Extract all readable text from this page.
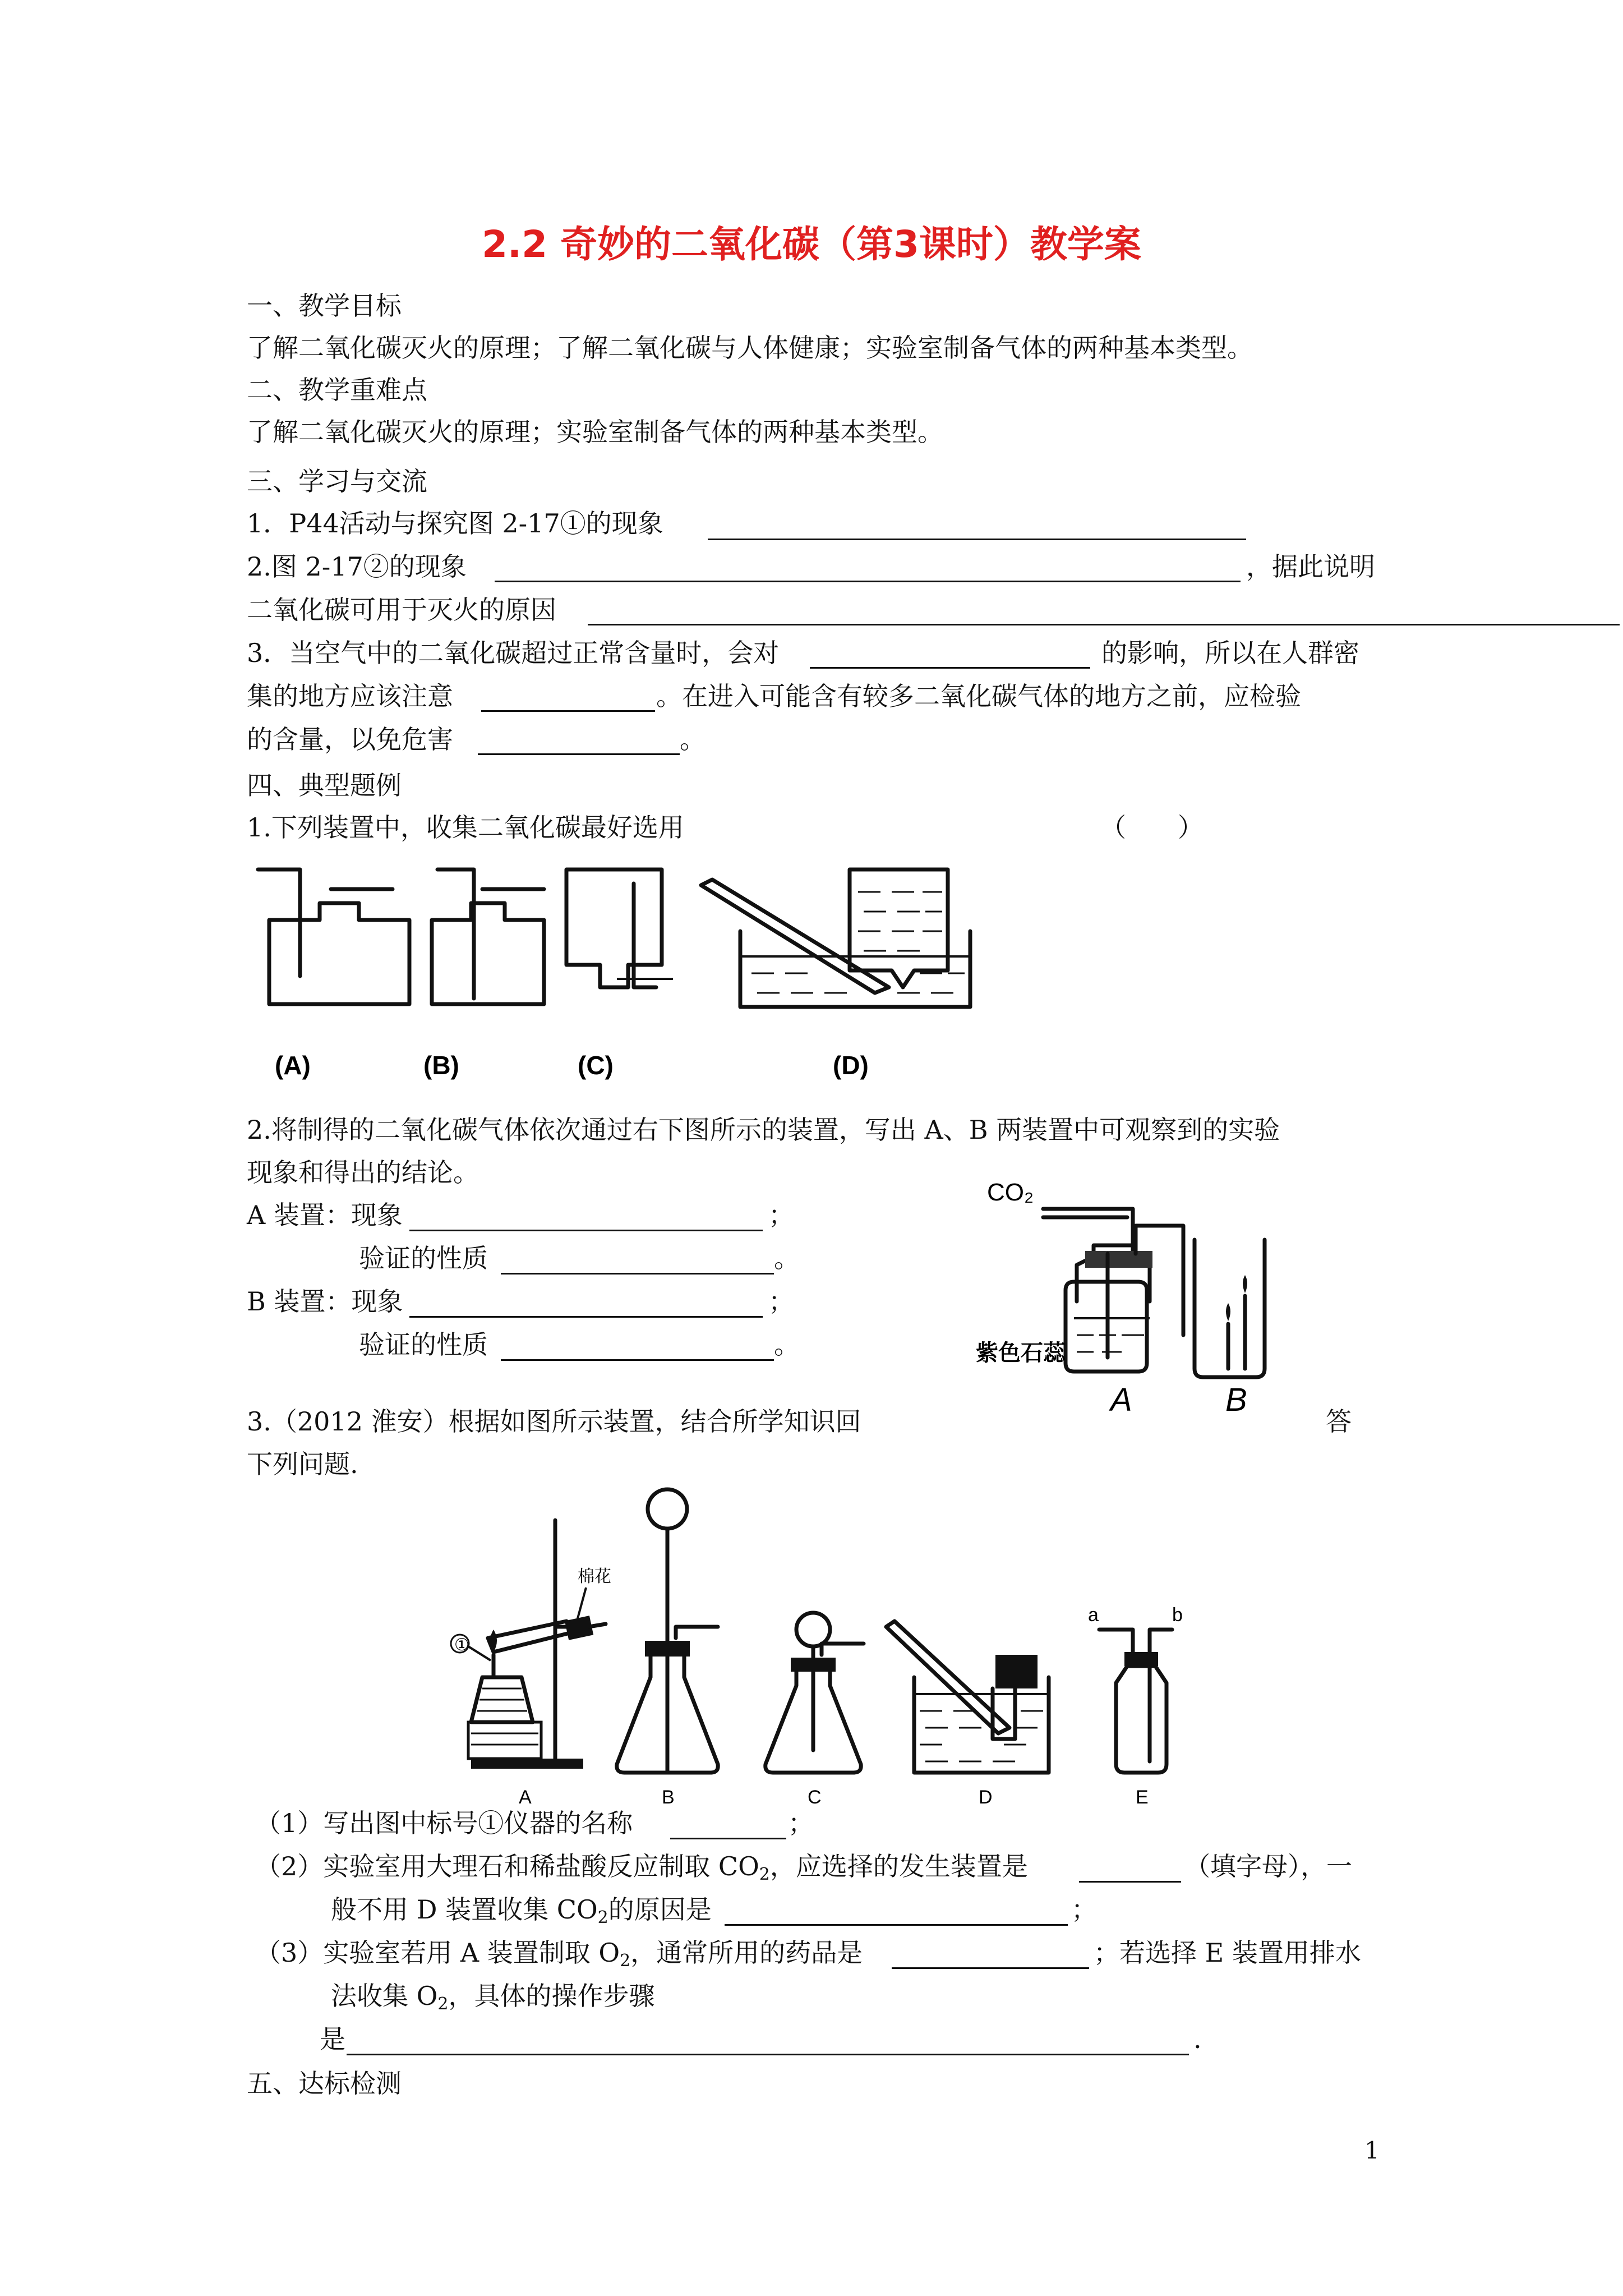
2.2 奇妙的二氧化碳（第3课时）教学案
一、教学目标
了解二氧化碳灭火的原理；了解二氧化碳与人体健康；实验室制备气体的两种基本类型。
二、教学重难点
了解二氧化碳灭火的原理；实验室制备气体的两种基本类型。
三、学习与交流
1．P44活动与探究图 2-17①的现象
2.图 2-17②的现象	，据此说明
二氧化碳可用于灭火的原因
3．当空气中的二氧化碳超过正常含量时，会对	的影响，所以在人群密
集的地方应该注意	。在进入可能含有较多二氧化碳气体的地方之前，应检验
的含量，以免危害	。
四、典型题例
1.下列装置中，收集二氧化碳最好选用	（　　）
(A)	(B)	(C)	(D)
2.将制得的二氧化碳气体依次通过右下图所示的装置，写出 A、B 两装置中可观察到的实验
现象和得出的结论。
A 装置：现象	；
验证的性质	。
B 装置：现象	；
验证的性质	。
CO₂
紫色石蕊
A	B
3.（2012 淮安）根据如图所示装置，结合所学知识回	答
下列问题.
①
棉花
a	b
A	B	C	D	E
（1）写出图中标号①仪器的名称	；
（2）实验室用大理石和稀盐酸反应制取 $CO_2$，应选择的发生装置是	（填字母），一
般不用 D 装置收集 $CO_2$的原因是	；
（3）实验室若用 A 装置制取 $O_2$，通常所用的药品是	；若选择 E 装置用排水
法收集 $O_2$，具体的操作步骤
是	.
五、达标检测
1
